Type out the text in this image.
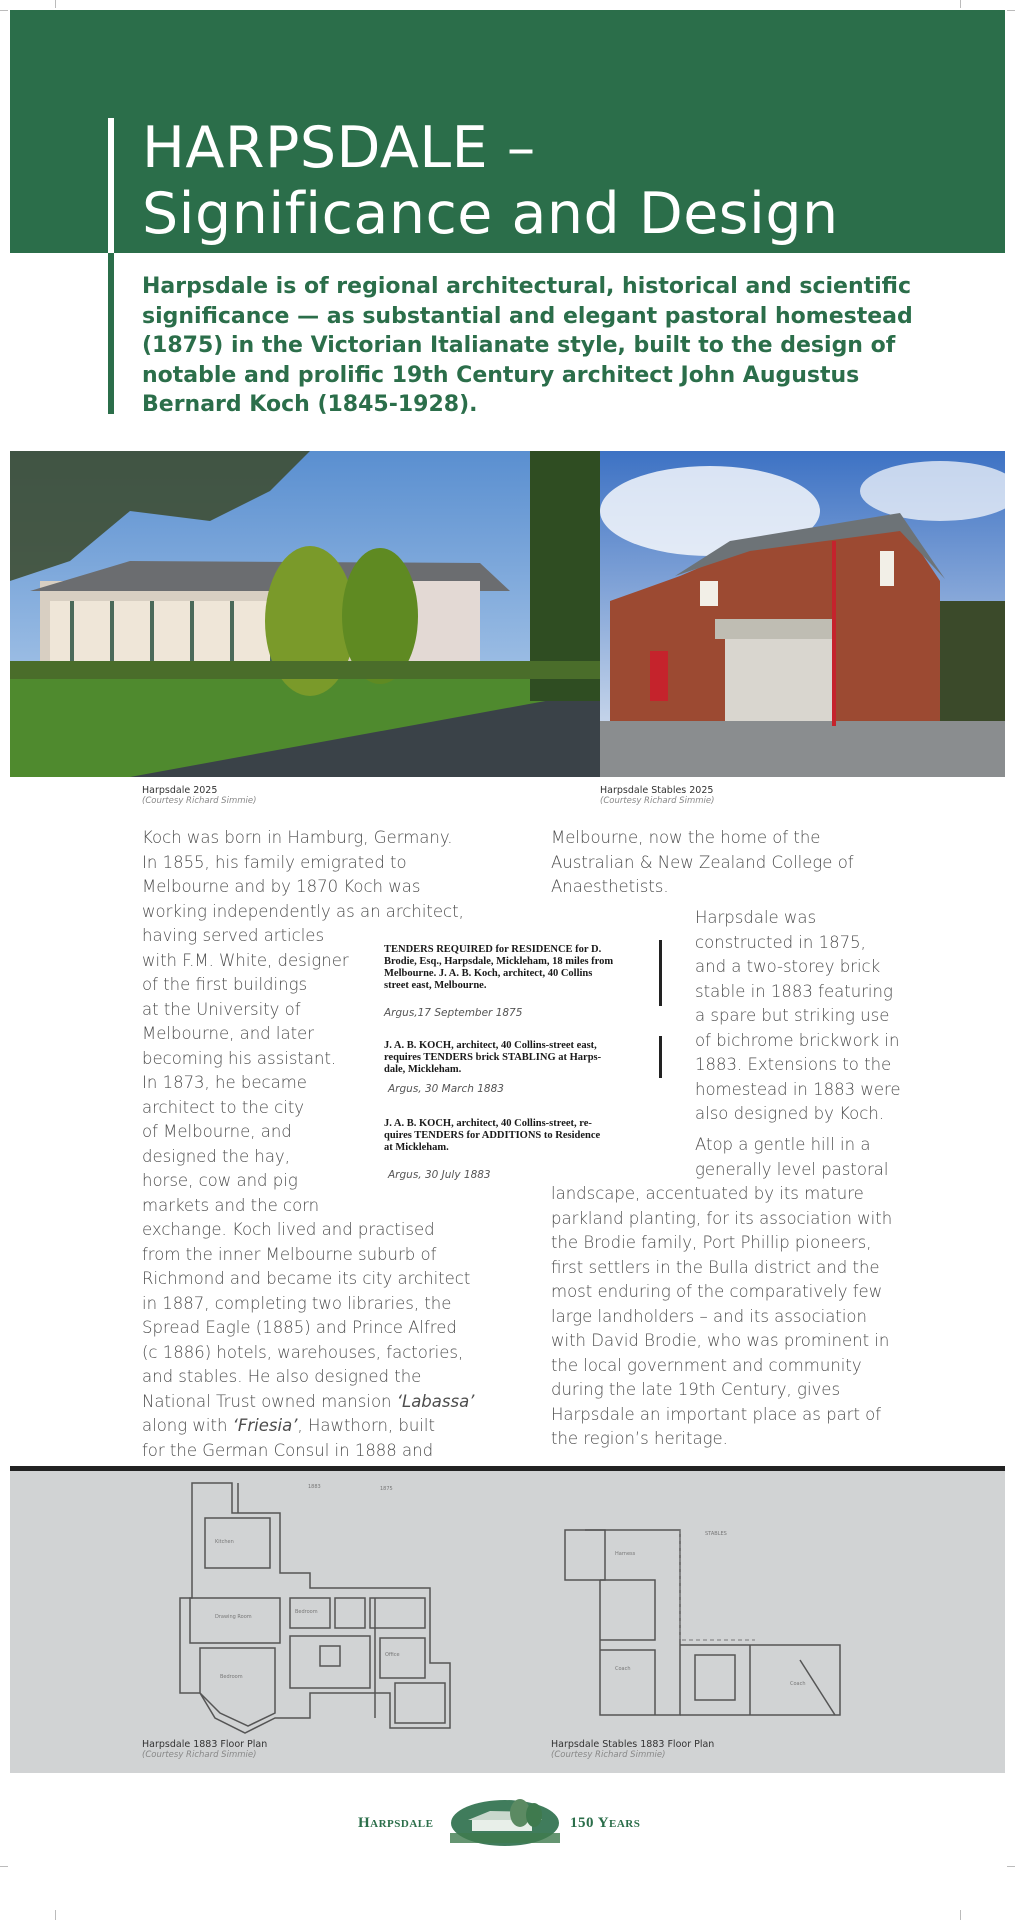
HARPSDALE –
Significance and Design

Harpsdale is of regional architectural, historical and scientific significance — as substantial and elegant pastoral homestead (1875) in the Victorian Italianate style, built to the design of notable and prolific 19th Century architect John Augustus Bernard Koch (1845-1928).

Harpsdale 2025
(Courtesy Richard Simmie)
Harpsdale Stables 2025
(Courtesy Richard Simmie)
Koch was born in Hamburg, Germany.
In 1855, his family emigrated to
Melbourne and by 1870 Koch was
working independently as an architect,
having served articles
with F.M. White, designer
of the first buildings
at the University of
Melbourne, and later
becoming his assistant.
In 1873, he became
architect to the city
of Melbourne, and
designed the hay,
horse, cow and pig
markets and the corn
exchange. Koch lived and practised
from the inner Melbourne suburb of
Richmond and became its city architect
in 1887, completing two libraries, the
Spread Eagle (1885) and Prince Alfred
(c 1886) hotels, warehouses, factories,
and stables. He also designed the
National Trust owned mansion ‘Labassa’
along with ‘Friesia’, Hawthorn, built
for the German Consul in 1888 and
TENDERS REQUIRED for RESIDENCE for D.
Brodie, Esq., Harpsdale, Mickleham, 18 miles from
Melbourne. J. A. B. Koch, architect, 40 Collins
street east, Melbourne.
Argus,17 September 1875
J. A. B. KOCH, architect, 40 Collins-street east,
requires TENDERS brick STABLING at Harps-
dale, Mickleham.
Argus, 30 March 1883
J. A. B. KOCH, architect, 40 Collins-street, re-
quires TENDERS for ADDITIONS to Residence
at Mickleham.
Argus, 30 July 1883
Melbourne, now the home of the
Australian & New Zealand College of
Anaesthetists.
Harpsdale was
constructed in 1875,
and a two-storey brick
stable in 1883 featuring
a spare but striking use
of bichrome brickwork in
1883. Extensions to the
homestead in 1883 were
also designed by Koch.
Atop a gentle hill in a
generally level pastoral
landscape, accentuated by its mature
parkland planting, for its association with
the Brodie family, Port Phillip pioneers,
first settlers in the Bulla district and the
most enduring of the comparatively few
large landholders – and its association
with David Brodie, who was prominent in
the local government and community
during the late 19th Century, gives
Harpsdale an important place as part of
the region’s heritage.
Kitchen
Drawing Room
Bedroom
Bedroom
Office
1883	1875
Harness
Coach
Coach
STABLES
Harpsdale 1883 Floor Plan
(Courtesy Richard Simmie)
Harpsdale Stables 1883 Floor Plan
(Courtesy Richard Simmie)
Harpsdale	150 Years
